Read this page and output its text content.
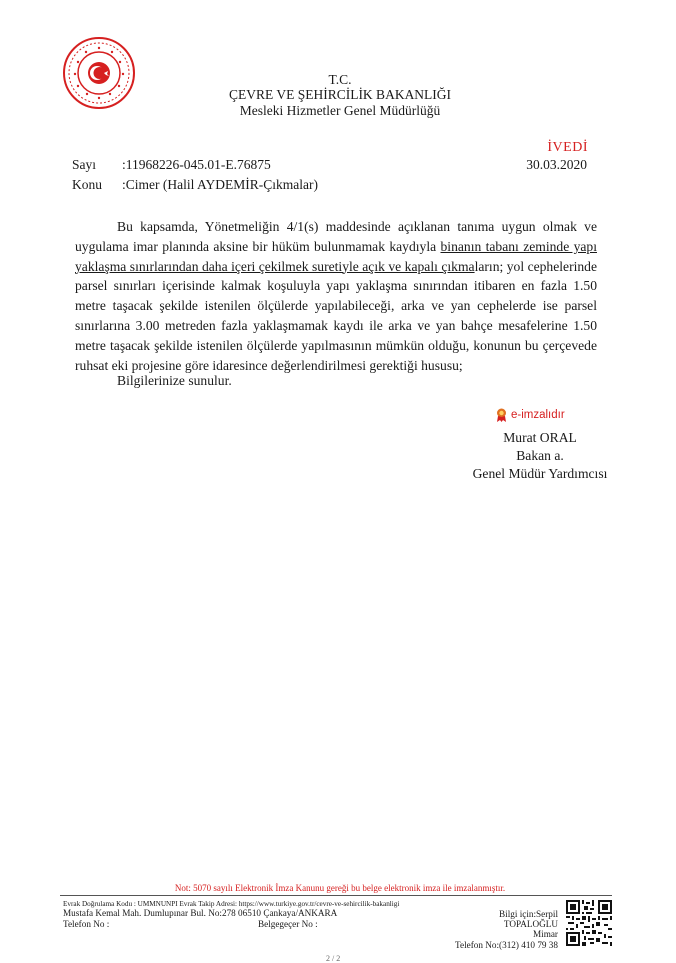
T.C.
ÇEVRE VE ŞEHİRCİLİK BAKANLIĞI
Mesleki Hizmetler Genel Müdürlüğü
İVEDİ
Sayı :11968226-045.01-E.76875	30.03.2020
Konu :Cimer (Halil AYDEMİR-Çıkmalar)

Bu kapsamda, Yönetmeliğin 4/1(s) maddesinde açıklanan tanıma uygun olmak ve uygulama imar planında aksine bir hüküm bulunmamak kaydıyla binanın tabanı zeminde yapı yaklaşma sınırlarından daha içeri çekilmek suretiyle açık ve kapalı çıkmaların; yol cephelerinde parsel sınırları içerisinde kalmak koşuluyla yapı yaklaşma sınırından itibaren en fazla 1.50 metre taşacak şekilde istenilen ölçülerde yapılabileceği, arka ve yan cephelerde ise parsel sınırlarına 3.00 metreden fazla yaklaşmamak kaydı ile arka ve yan bahçe mesafelerine 1.50 metre taşacak şekilde istenilen ölçülerde yapılmasının mümkün olduğu, konunun bu çerçevede ruhsat eki projesine göre idaresince değerlendirilmesi gerektiği hususu;

Bilgilerinize sunulur.
e-imzalıdır
Murat ORAL
Bakan a.
Genel Müdür Yardımcısı
Not: 5070 sayılı Elektronik İmza Kanunu gereği bu belge elektronik imza ile imzalanmıştır.
Evrak Doğrulama Kodu : UMMNUNPI Evrak Takip Adresi: https://www.turkiye.gov.tr/cevre-ve-sehircilik-bakanligi
Mustafa Kemal Mah. Dumlupınar Bul. No:278 06510 Çankaya/ANKARA
Telefon No :	Belgegeçer No :
Bilgi için:Serpil
TOPALOĞLU
Mimar
Telefon No:(312) 410 79 38
2 / 2
